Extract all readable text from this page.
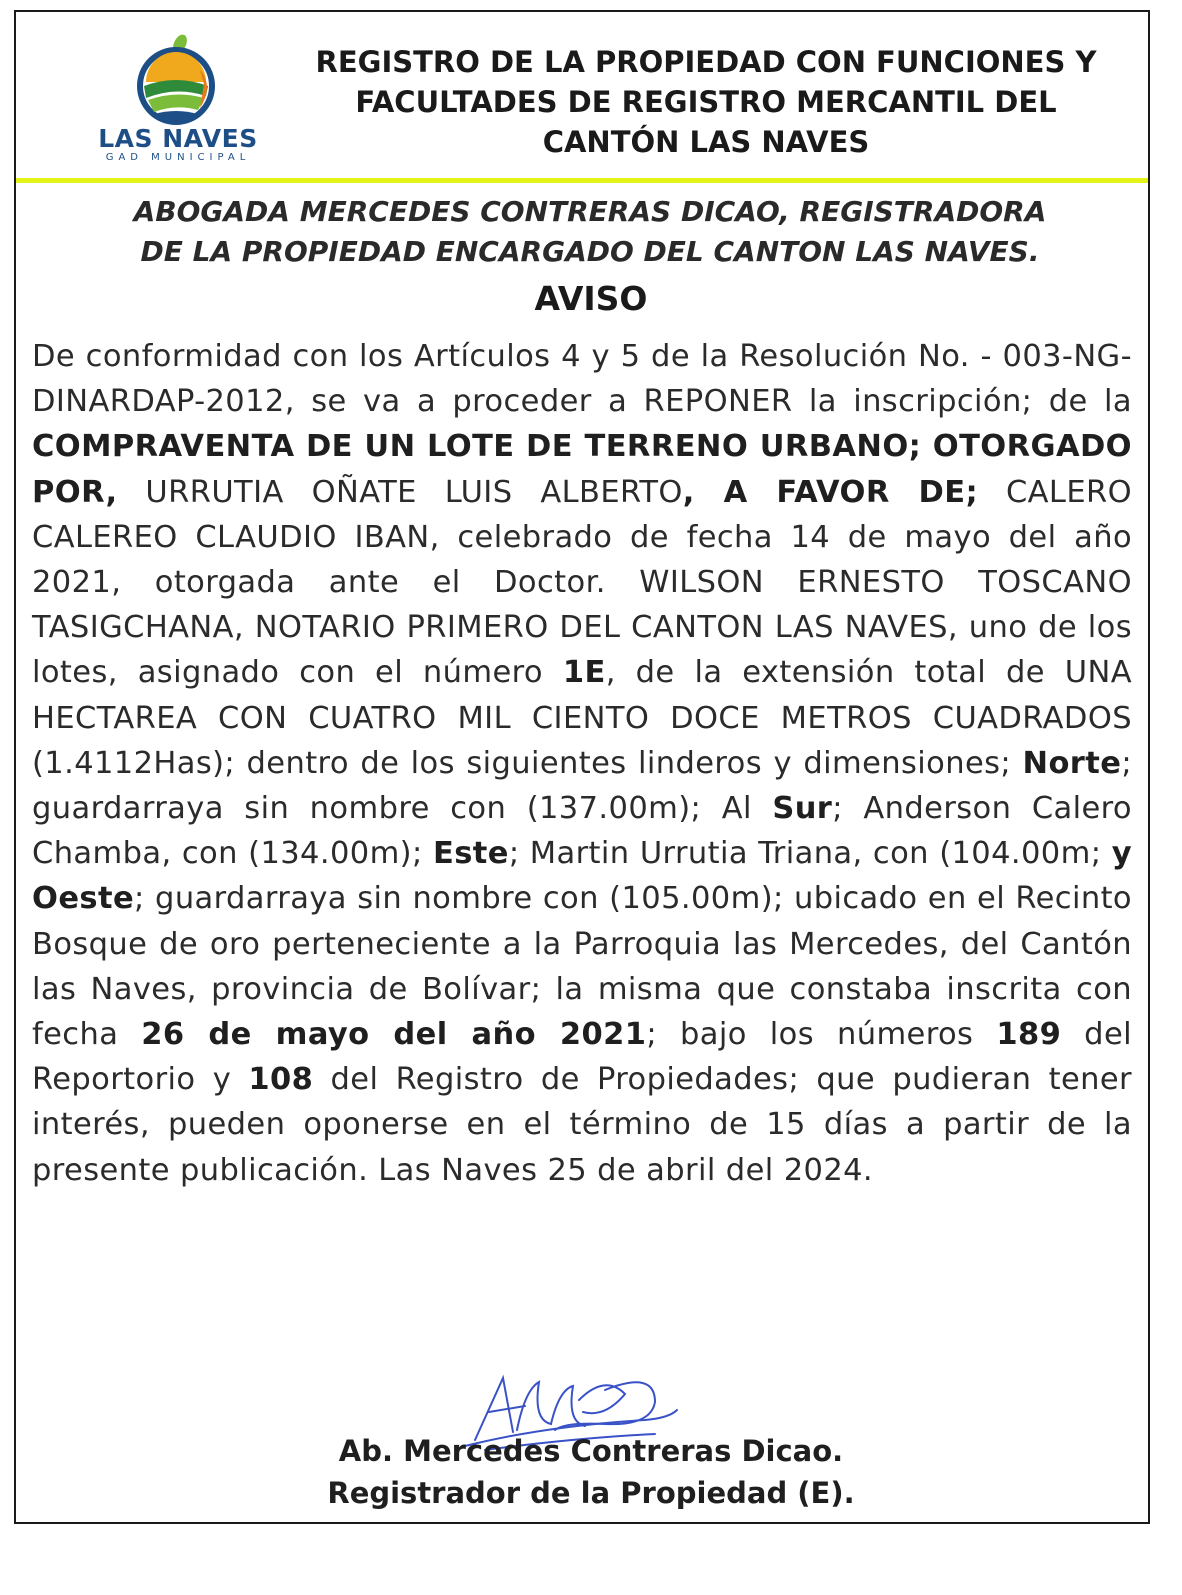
LAS NAVES
GAD MUNICIPAL
REGISTRO DE LA PROPIEDAD CON FUNCIONES Y
FACULTADES DE REGISTRO MERCANTIL DEL
CANTÓN LAS NAVES
ABOGADA MERCEDES CONTRERAS DICAO, REGISTRADORA
DE LA PROPIEDAD ENCARGADO DEL CANTON LAS NAVES.
AVISO
De conformidad con los Artículos 4 y 5 de la Resolución No. - 003-NG- DINARDAP-2012, se va a proceder a REPONER la inscripción; de la COMPRAVENTA DE UN LOTE DE TERRENO URBANO; OTORGADO POR, URRUTIA OÑATE LUIS ALBERTO, A FAVOR DE; CALERO CALEREO CLAUDIO IBAN, celebrado de fecha 14 de mayo del año 2021, otorgada ante el Doctor. WILSON ERNESTO TOSCANO TASIGCHANA, NOTARIO PRIMERO DEL CANTON LAS NAVES, uno de los lotes, asignado con el número 1E, de la extensión total de UNA HECTAREA CON CUATRO MIL CIENTO DOCE METROS CUADRADOS (1.4112Has); dentro de los siguientes linderos y dimensiones; Norte; guardarraya sin nombre con (137.00m); Al Sur; Anderson Calero Chamba, con (134.00m); Este; Martin Urrutia Triana, con (104.00m; y Oeste; guardarraya sin nombre con (105.00m); ubicado en el Recinto Bosque de oro perteneciente a la Parroquia las Mercedes, del Cantón las Naves, provincia de Bolívar; la misma que constaba inscrita con fecha 26 de mayo del año 2021; bajo los números 189 del Reportorio y 108 del Registro de Propiedades; que pudieran tener interés, pueden oponerse en el término de 15 días a partir de la presente publicación. Las Naves 25 de abril del 2024.
Ab. Mercedes Contreras Dicao.
Registrador de la Propiedad (E).
